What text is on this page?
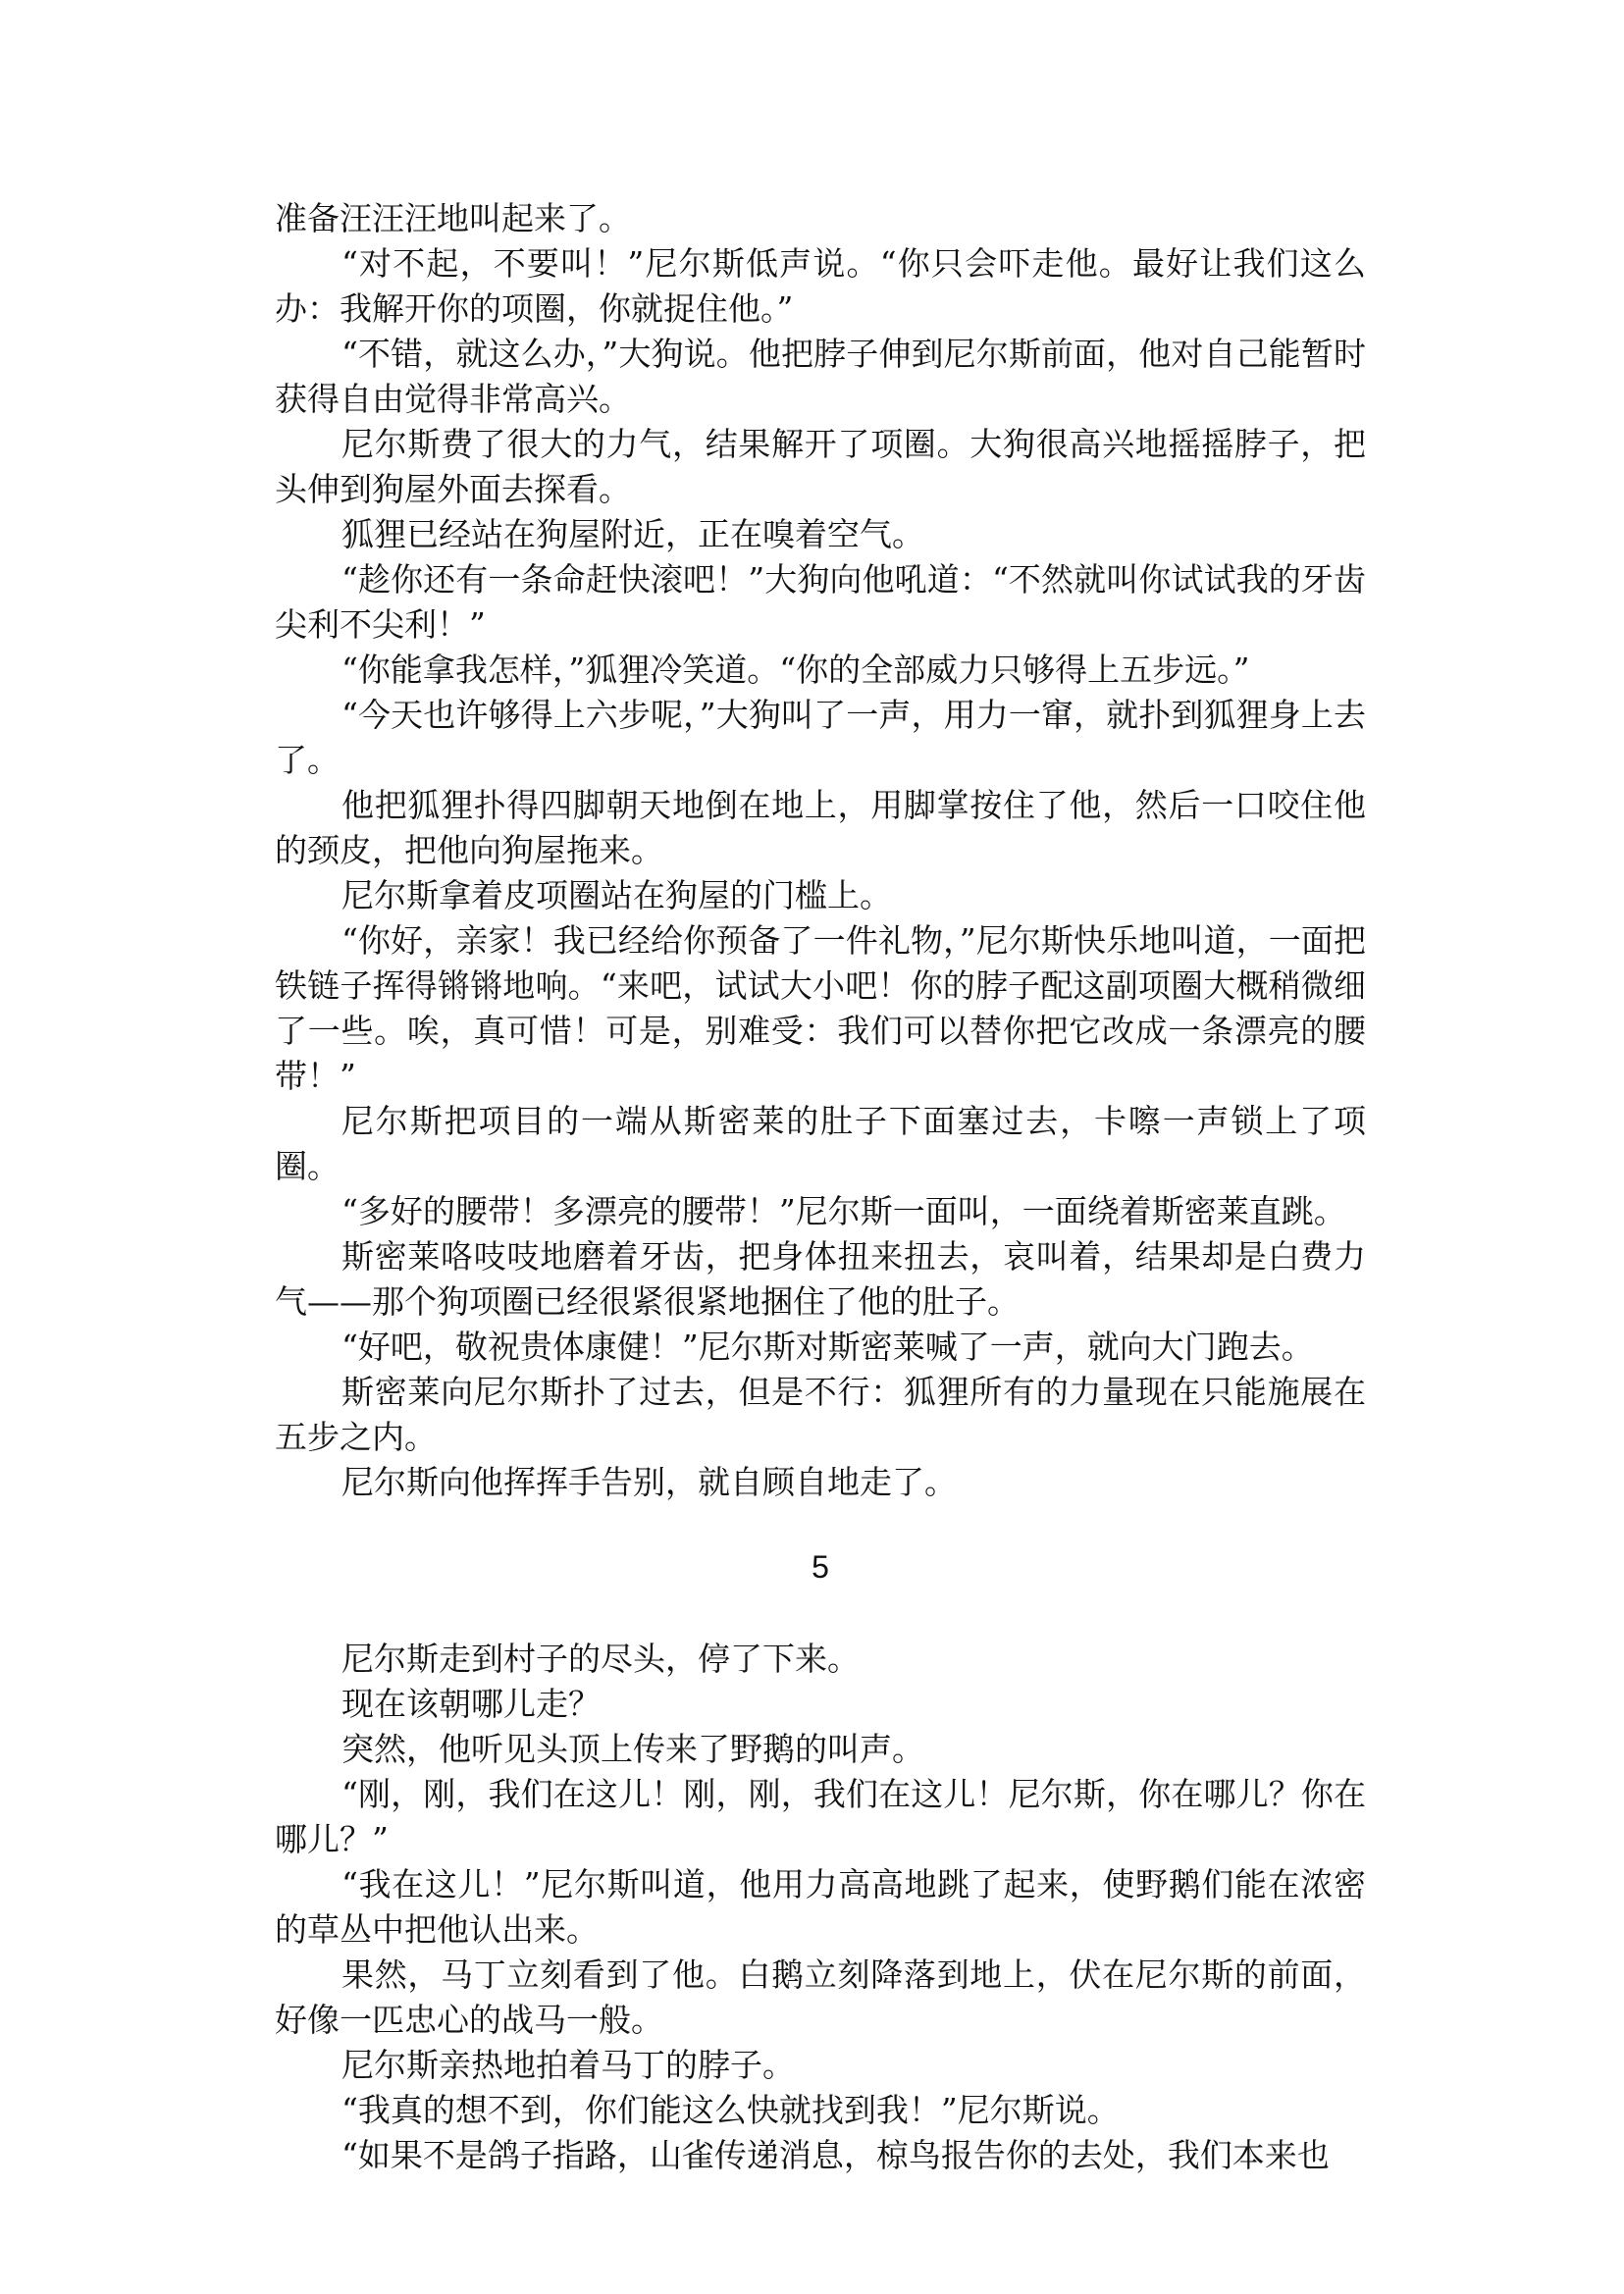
准备汪汪汪地叫起来了。

“对不起，不要叫！”尼尔斯低声说。“你只会吓走他。最好让我们这么办：我解开你的项圈，你就捉住他。”

“不错，就这么办，”大狗说。他把脖子伸到尼尔斯前面，他对自己能暂时获得自由觉得非常高兴。

尼尔斯费了很大的力气，结果解开了项圈。大狗很高兴地摇摇脖子，把头伸到狗屋外面去探看。

狐狸已经站在狗屋附近，正在嗅着空气。

“趁你还有一条命赶快滚吧！”大狗向他吼道：“不然就叫你试试我的牙齿尖利不尖利！”

“你能拿我怎样，”狐狸冷笑道。“你的全部威力只够得上五步远。”

“今天也许够得上六步呢，”大狗叫了一声，用力一窜，就扑到狐狸身上去了。

他把狐狸扑得四脚朝天地倒在地上，用脚掌按住了他，然后一口咬住他的颈皮，把他向狗屋拖来。

尼尔斯拿着皮项圈站在狗屋的门槛上。

“你好，亲家！我已经给你预备了一件礼物，”尼尔斯快乐地叫道，一面把铁链子挥得锵锵地响。“来吧，试试大小吧！你的脖子配这副项圈大概稍微细了一些。唉，真可惜！可是，别难受：我们可以替你把它改成一条漂亮的腰带！”

尼尔斯把项目的一端从斯密莱的肚子下面塞过去，卡嚓一声锁上了项圈。

“多好的腰带！多漂亮的腰带！”尼尔斯一面叫，一面绕着斯密莱直跳。

斯密莱咯吱吱地磨着牙齿，把身体扭来扭去，哀叫着，结果却是白费力气——那个狗项圈已经很紧很紧地捆住了他的肚子。

“好吧，敬祝贵体康健！”尼尔斯对斯密莱喊了一声，就向大门跑去。

斯密莱向尼尔斯扑了过去，但是不行：狐狸所有的力量现在只能施展在五步之内。

尼尔斯向他挥挥手告别，就自顾自地走了。

5

尼尔斯走到村子的尽头，停了下来。

现在该朝哪儿走？

突然，他听见头顶上传来了野鹅的叫声。

“刚，刚，我们在这儿！刚，刚，我们在这儿！尼尔斯，你在哪儿？你在哪儿？”

“我在这儿！”尼尔斯叫道，他用力高高地跳了起来，使野鹅们能在浓密的草丛中把他认出来。

果然，马丁立刻看到了他。白鹅立刻降落到地上，伏在尼尔斯的前面，好像一匹忠心的战马一般。

尼尔斯亲热地拍着马丁的脖子。

“我真的想不到，你们能这么快就找到我！”尼尔斯说。

“如果不是鸽子指路，山雀传递消息，椋鸟报告你的去处，我们本来也
